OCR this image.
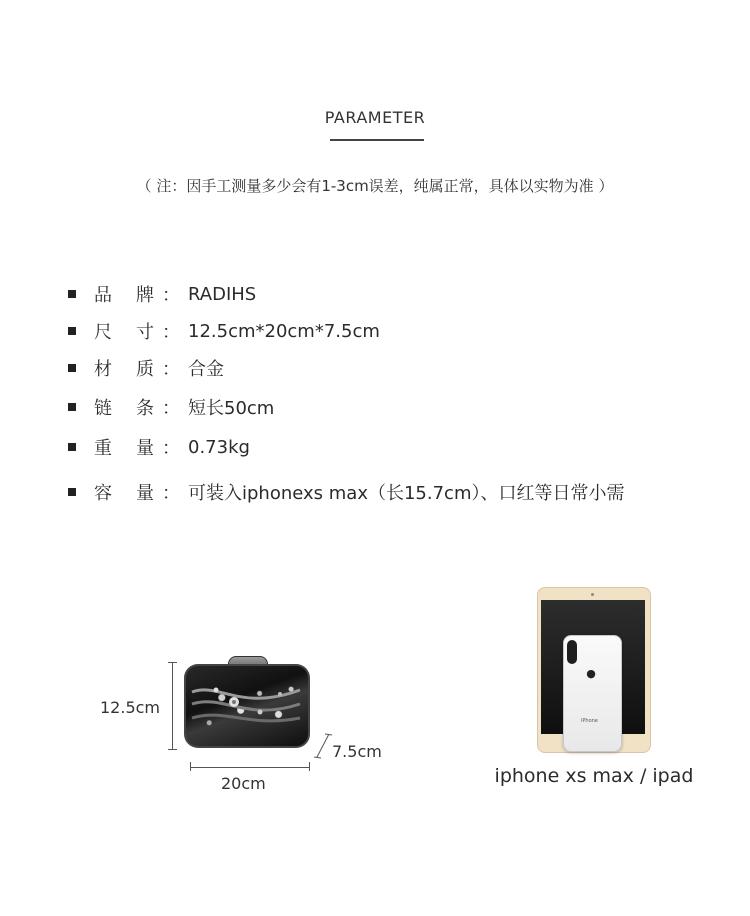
PARAMETER
（ 注：因手工测量多少会有1-3cm误差，纯属正常，具体以实物为准 ）
品 牌 ： RADIHS
尺 寸 ： 12.5cm*20cm*7.5cm
材 质 ： 合金
链 条 ： 短长50cm
重 量 ： 0.73kg
容 量 ： 可装入iphonexs max（长15.7cm）、口红等日常小需
12.5cm
20cm
7.5cm
●
iPhone
iphone xs max / ipad
